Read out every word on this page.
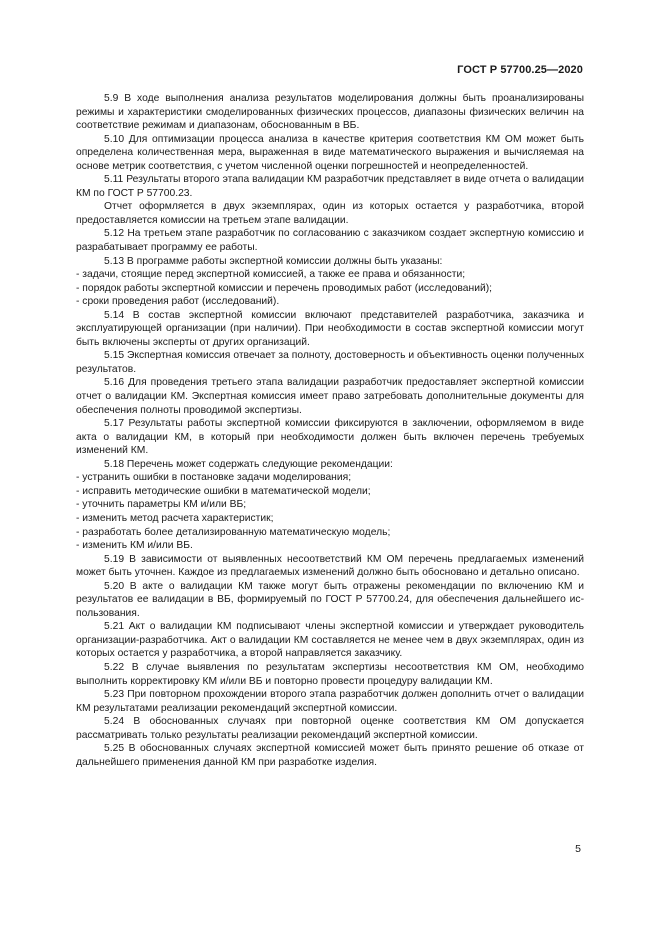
ГОСТ Р 57700.25—2020

5.9 В ходе выполнения анализа результатов моделирования должны быть проанализированы режимы и характеристики смоделированных физических процессов, диапазоны физических величин на соответствие режимам и диапазонам, обоснованным в ВБ.

5.10 Для оптимизации процесса анализа в качестве критерия соответствия КМ ОМ может быть определена количественная мера, выраженная в виде математического выражения и вычисляемая на основе метрик соответствия, с учетом численной оценки погрешностей и неопределенностей.

5.11 Результаты второго этапа валидации КМ разработчик представляет в виде отчета о валидации КМ по ГОСТ Р 57700.23.

Отчет оформляется в двух экземплярах, один из которых остается у разработчика, второй предоставляется комиссии на третьем этапе валидации.

5.12 На третьем этапе разработчик по согласованию с заказчиком создает экспертную комиссию и разрабатывает программу ее работы.

5.13 В программе работы экспертной комиссии должны быть указаны:

- задачи, стоящие перед экспертной комиссией, а также ее права и обязанности;
- порядок работы экспертной комиссии и перечень проводимых работ (исследований);
- сроки проведения работ (исследований).

5.14 В состав экспертной комиссии включают представителей разработчика, заказчика и эксплуатирующей организации (при наличии). При необходимости в состав экспертной комиссии могут быть включены эксперты от других организаций.

5.15 Экспертная комиссия отвечает за полноту, достоверность и объективность оценки полученных результатов.

5.16 Для проведения третьего этапа валидации разработчик предоставляет экспертной комиссии отчет о валидации КМ. Экспертная комиссия имеет право затребовать дополнительные документы для обеспечения полноты проводимой экспертизы.

5.17 Результаты работы экспертной комиссии фиксируются в заключении, оформляемом в виде акта о валидации КМ, в который при необходимости должен быть включен перечень требуемых изменений КМ.

5.18 Перечень может содержать следующие рекомендации:

- устранить ошибки в постановке задачи моделирования;
- исправить методические ошибки в математической модели;
- уточнить параметры КМ и/или ВБ;
- изменить метод расчета характеристик;
- разработать более детализированную математическую модель;
- изменить КМ и/или ВБ.

5.19 В зависимости от выявленных несоответствий КМ ОМ перечень предлагаемых изменений может быть уточнен. Каждое из предлагаемых изменений должно быть обосновано и детально описано.

5.20 В акте о валидации КМ также могут быть отражены рекомендации по включению КМ и результатов ее валидации в ВБ, формируемый по ГОСТ Р 57700.24, для обеспечения дальнейшего использования.

5.21 Акт о валидации КМ подписывают члены экспертной комиссии и утверждает руководитель организации-разработчика. Акт о валидации КМ составляется не менее чем в двух экземплярах, один из которых остается у разработчика, а второй направляется заказчику.

5.22 В случае выявления по результатам экспертизы несоответствия КМ ОМ, необходимо выполнить корректировку КМ и/или ВБ и повторно провести процедуру валидации КМ.

5.23 При повторном прохождении второго этапа разработчик должен дополнить отчет о валидации КМ результатами реализации рекомендаций экспертной комиссии.

5.24 В обоснованных случаях при повторной оценке соответствия КМ ОМ допускается рассматривать только результаты реализации рекомендаций экспертной комиссии.

5.25 В обоснованных случаях экспертной комиссией может быть принято решение об отказе от дальнейшего применения данной КМ при разработке изделия.

5
